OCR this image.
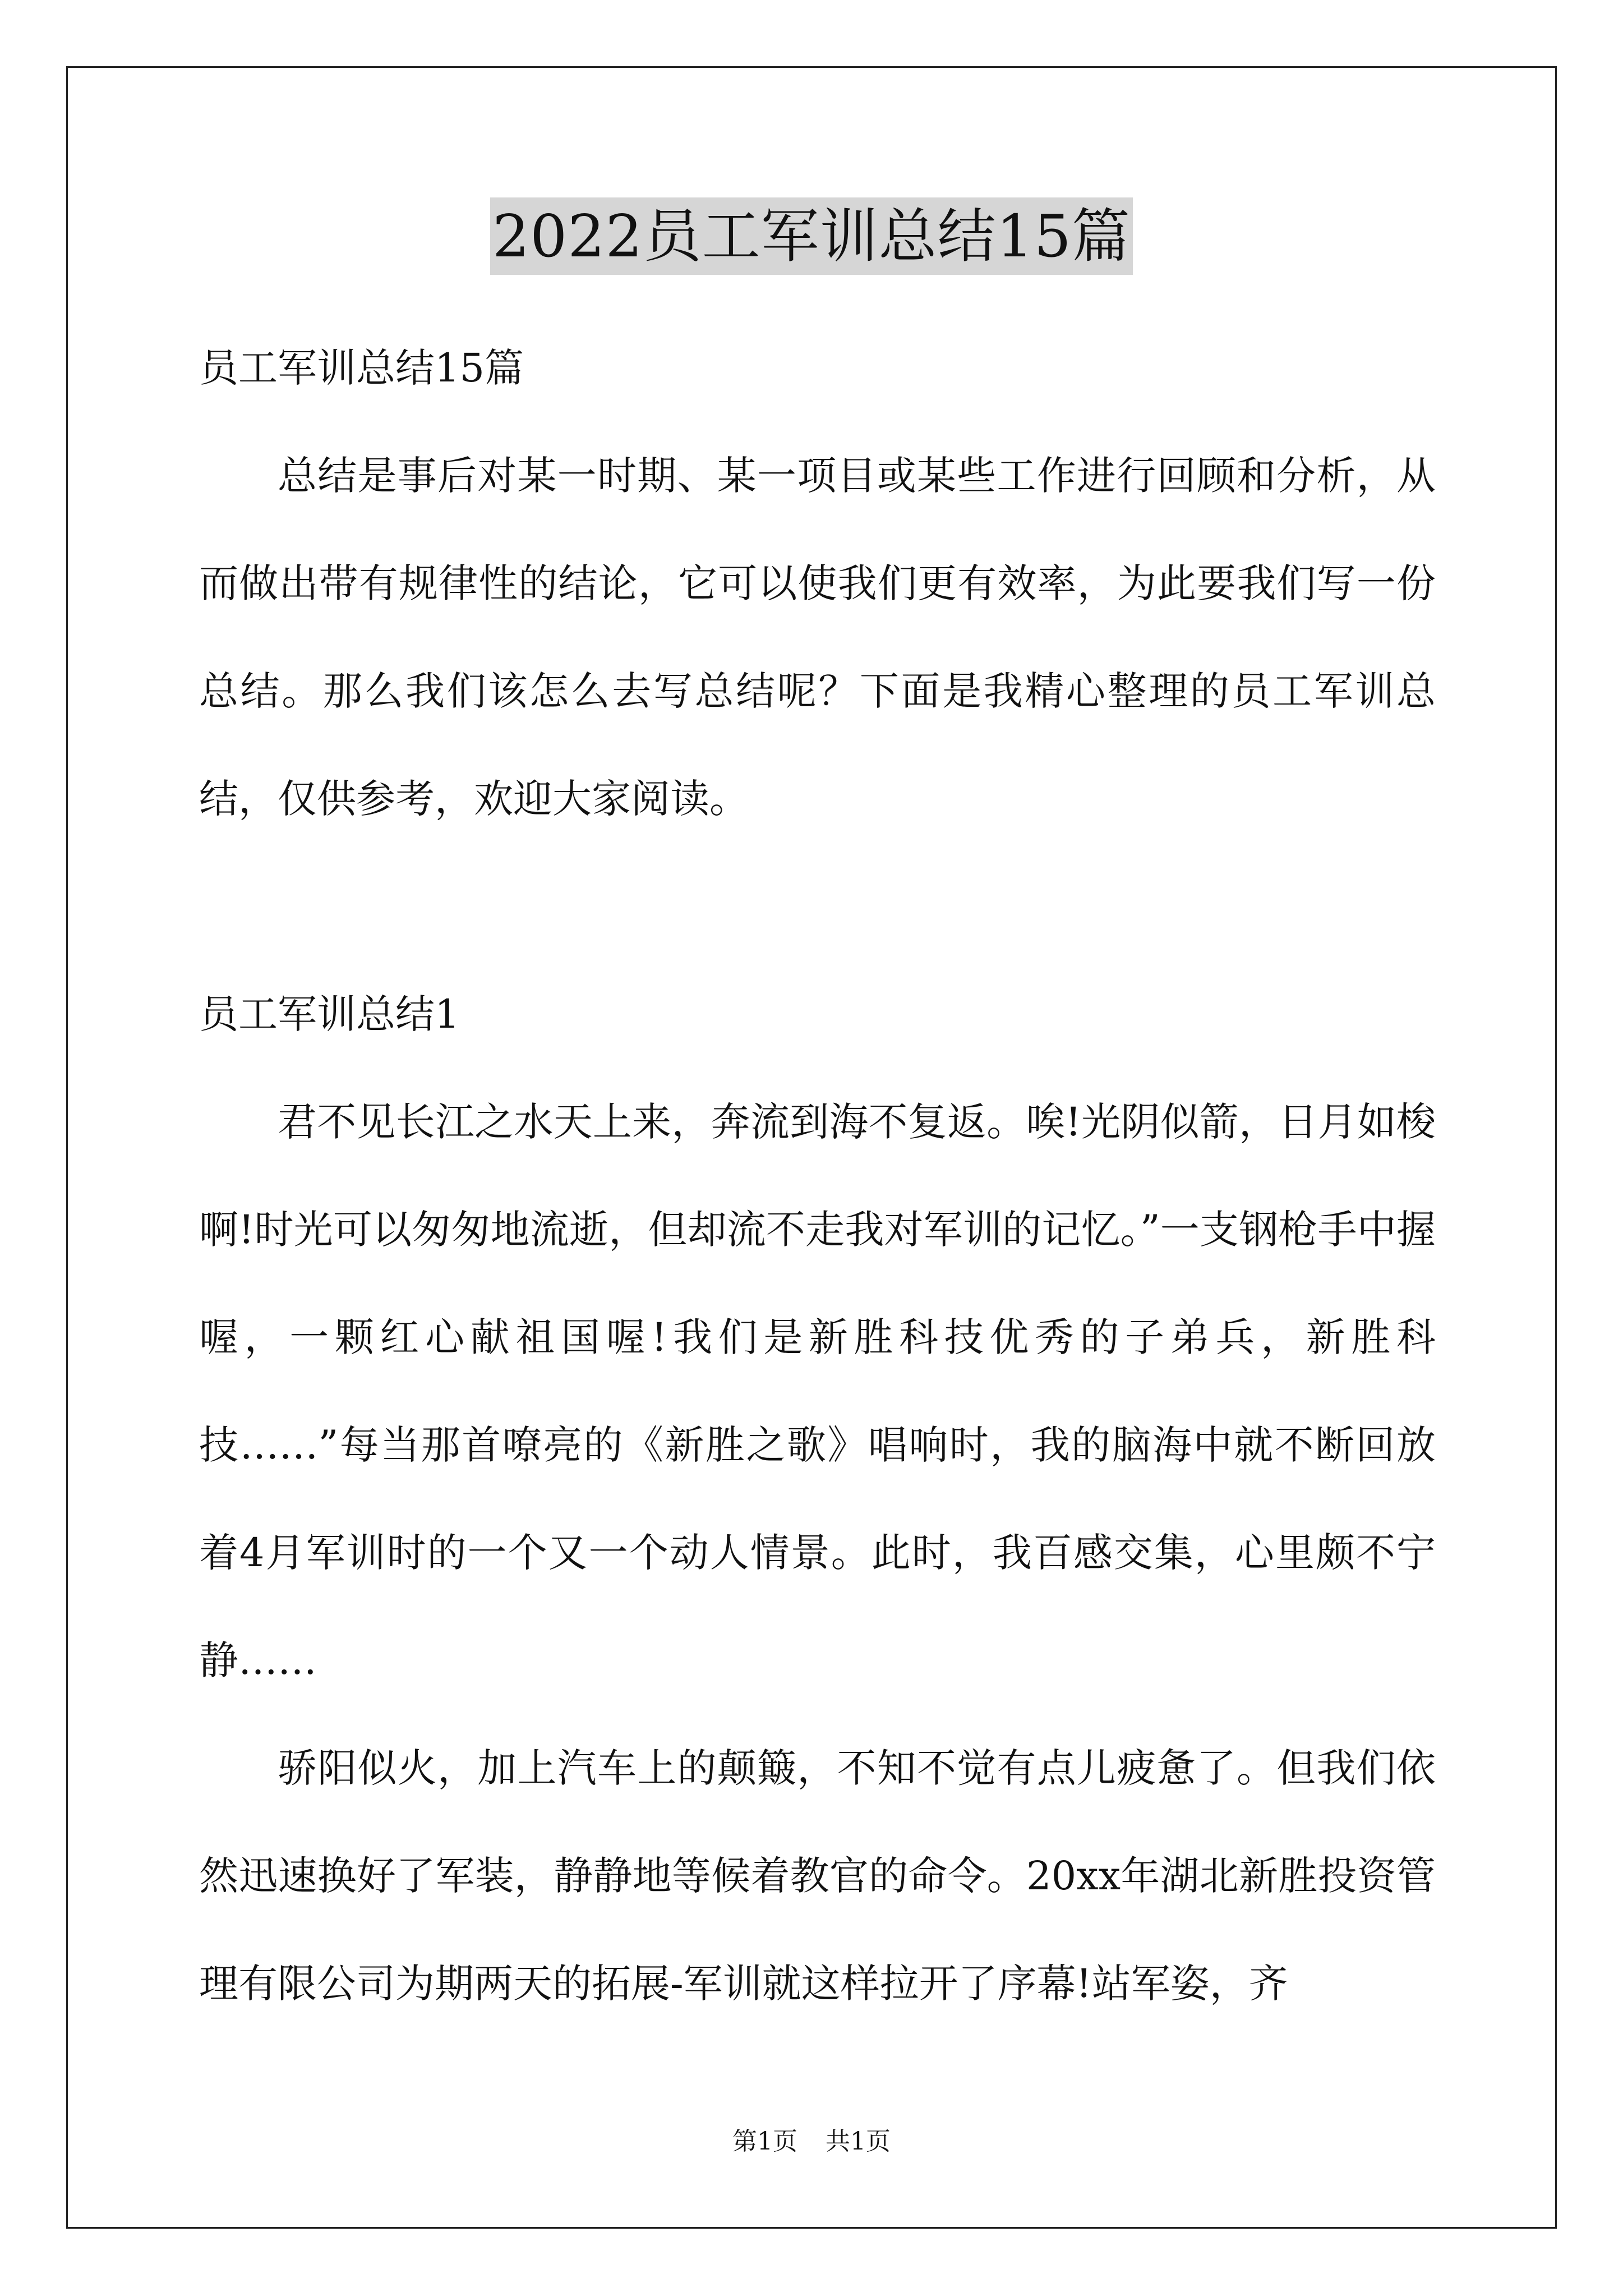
2022员工军训总结15篇

员工军训总结15篇

总结是事后对某一时期、某一项目或某些工作进行回顾和分析，从而做出带有规律性的结论，它可以使我们更有效率，为此要我们写一份总结。那么我们该怎么去写总结呢？下面是我精心整理的员工军训总结，仅供参考，欢迎大家阅读。

员工军训总结1

君不见长江之水天上来，奔流到海不复返。唉!光阴似箭，日月如梭啊!时光可以匆匆地流逝，但却流不走我对军训的记忆。”一支钢枪手中握喔，一颗红心献祖国喔!我们是新胜科技优秀的子弟兵，新胜科技……”每当那首嘹亮的《新胜之歌》唱响时，我的脑海中就不断回放着4月军训时的一个又一个动人情景。此时，我百感交集，心里颇不宁静……

骄阳似火，加上汽车上的颠簸，不知不觉有点儿疲惫了。但我们依然迅速换好了军装，静静地等候着教官的命令。20xx年湖北新胜投资管理有限公司为期两天的拓展-军训就这样拉开了序幕!站军姿，齐

第1页 共1页
